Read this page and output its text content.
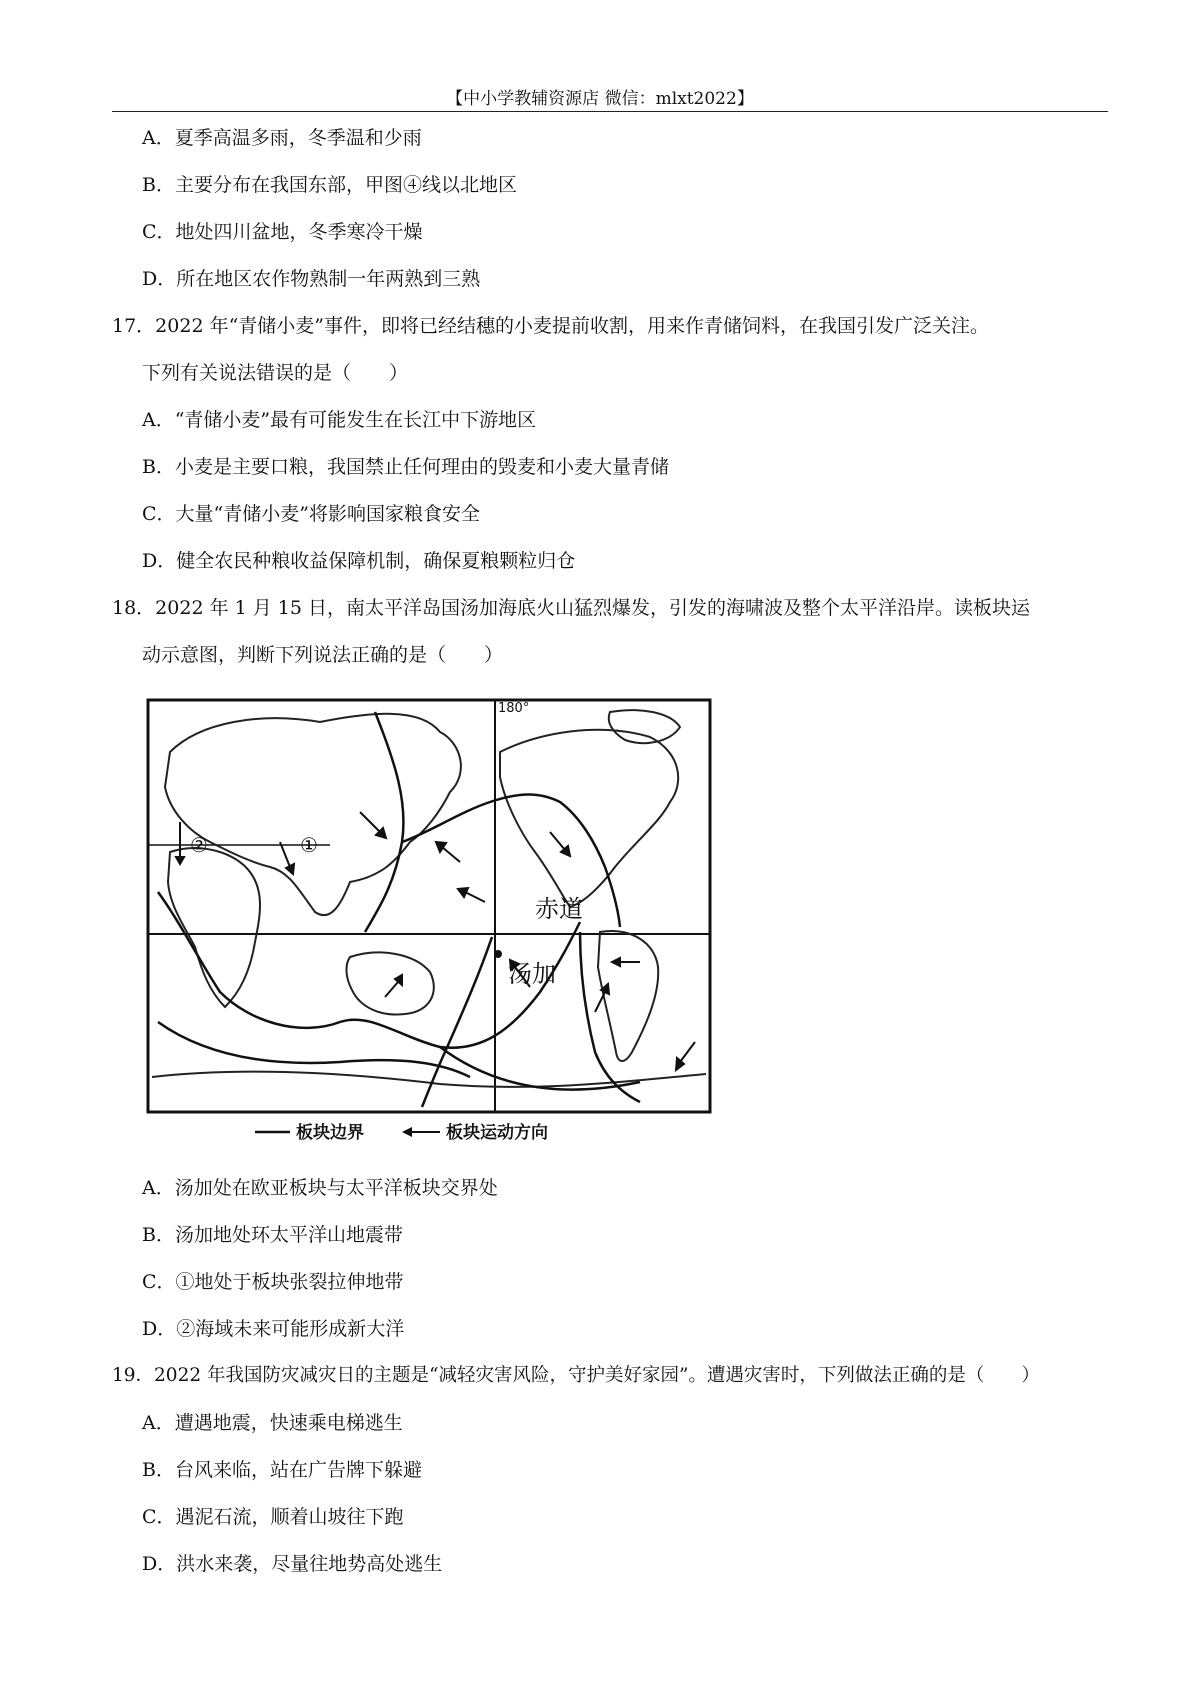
【中小学教辅资源店 微信：mlxt2022】
A．夏季高温多雨，冬季温和少雨
B．主要分布在我国东部，甲图④线以北地区
C．地处四川盆地，冬季寒冷干燥
D．所在地区农作物熟制一年两熟到三熟
17．2022 年“青储小麦”事件，即将已经结穗的小麦提前收割，用来作青储饲料，在我国引发广泛关注。
下列有关说法错误的是（　　）
A．“青储小麦”最有可能发生在长江中下游地区
B．小麦是主要口粮，我国禁止任何理由的毁麦和小麦大量青储
C．大量“青储小麦”将影响国家粮食安全
D．健全农民种粮收益保障机制，确保夏粮颗粒归仓
18．2022 年 1 月 15 日，南太平洋岛国汤加海底火山猛烈爆发，引发的海啸波及整个太平洋沿岸。读板块运
动示意图，判断下列说法正确的是（　　）
180°
赤道
汤加
②	①
板块边界	板块运动方向
A．汤加处在欧亚板块与太平洋板块交界处
B．汤加地处环太平洋山地震带
C．①地处于板块张裂拉伸地带
D．②海域未来可能形成新大洋
19．2022 年我国防灾减灾日的主题是“减轻灾害风险，守护美好家园”。遭遇灾害时，下列做法正确的是（　　）
A．遭遇地震，快速乘电梯逃生
B．台风来临，站在广告牌下躲避
C．遇泥石流，顺着山坡往下跑
D．洪水来袭，尽量往地势高处逃生
